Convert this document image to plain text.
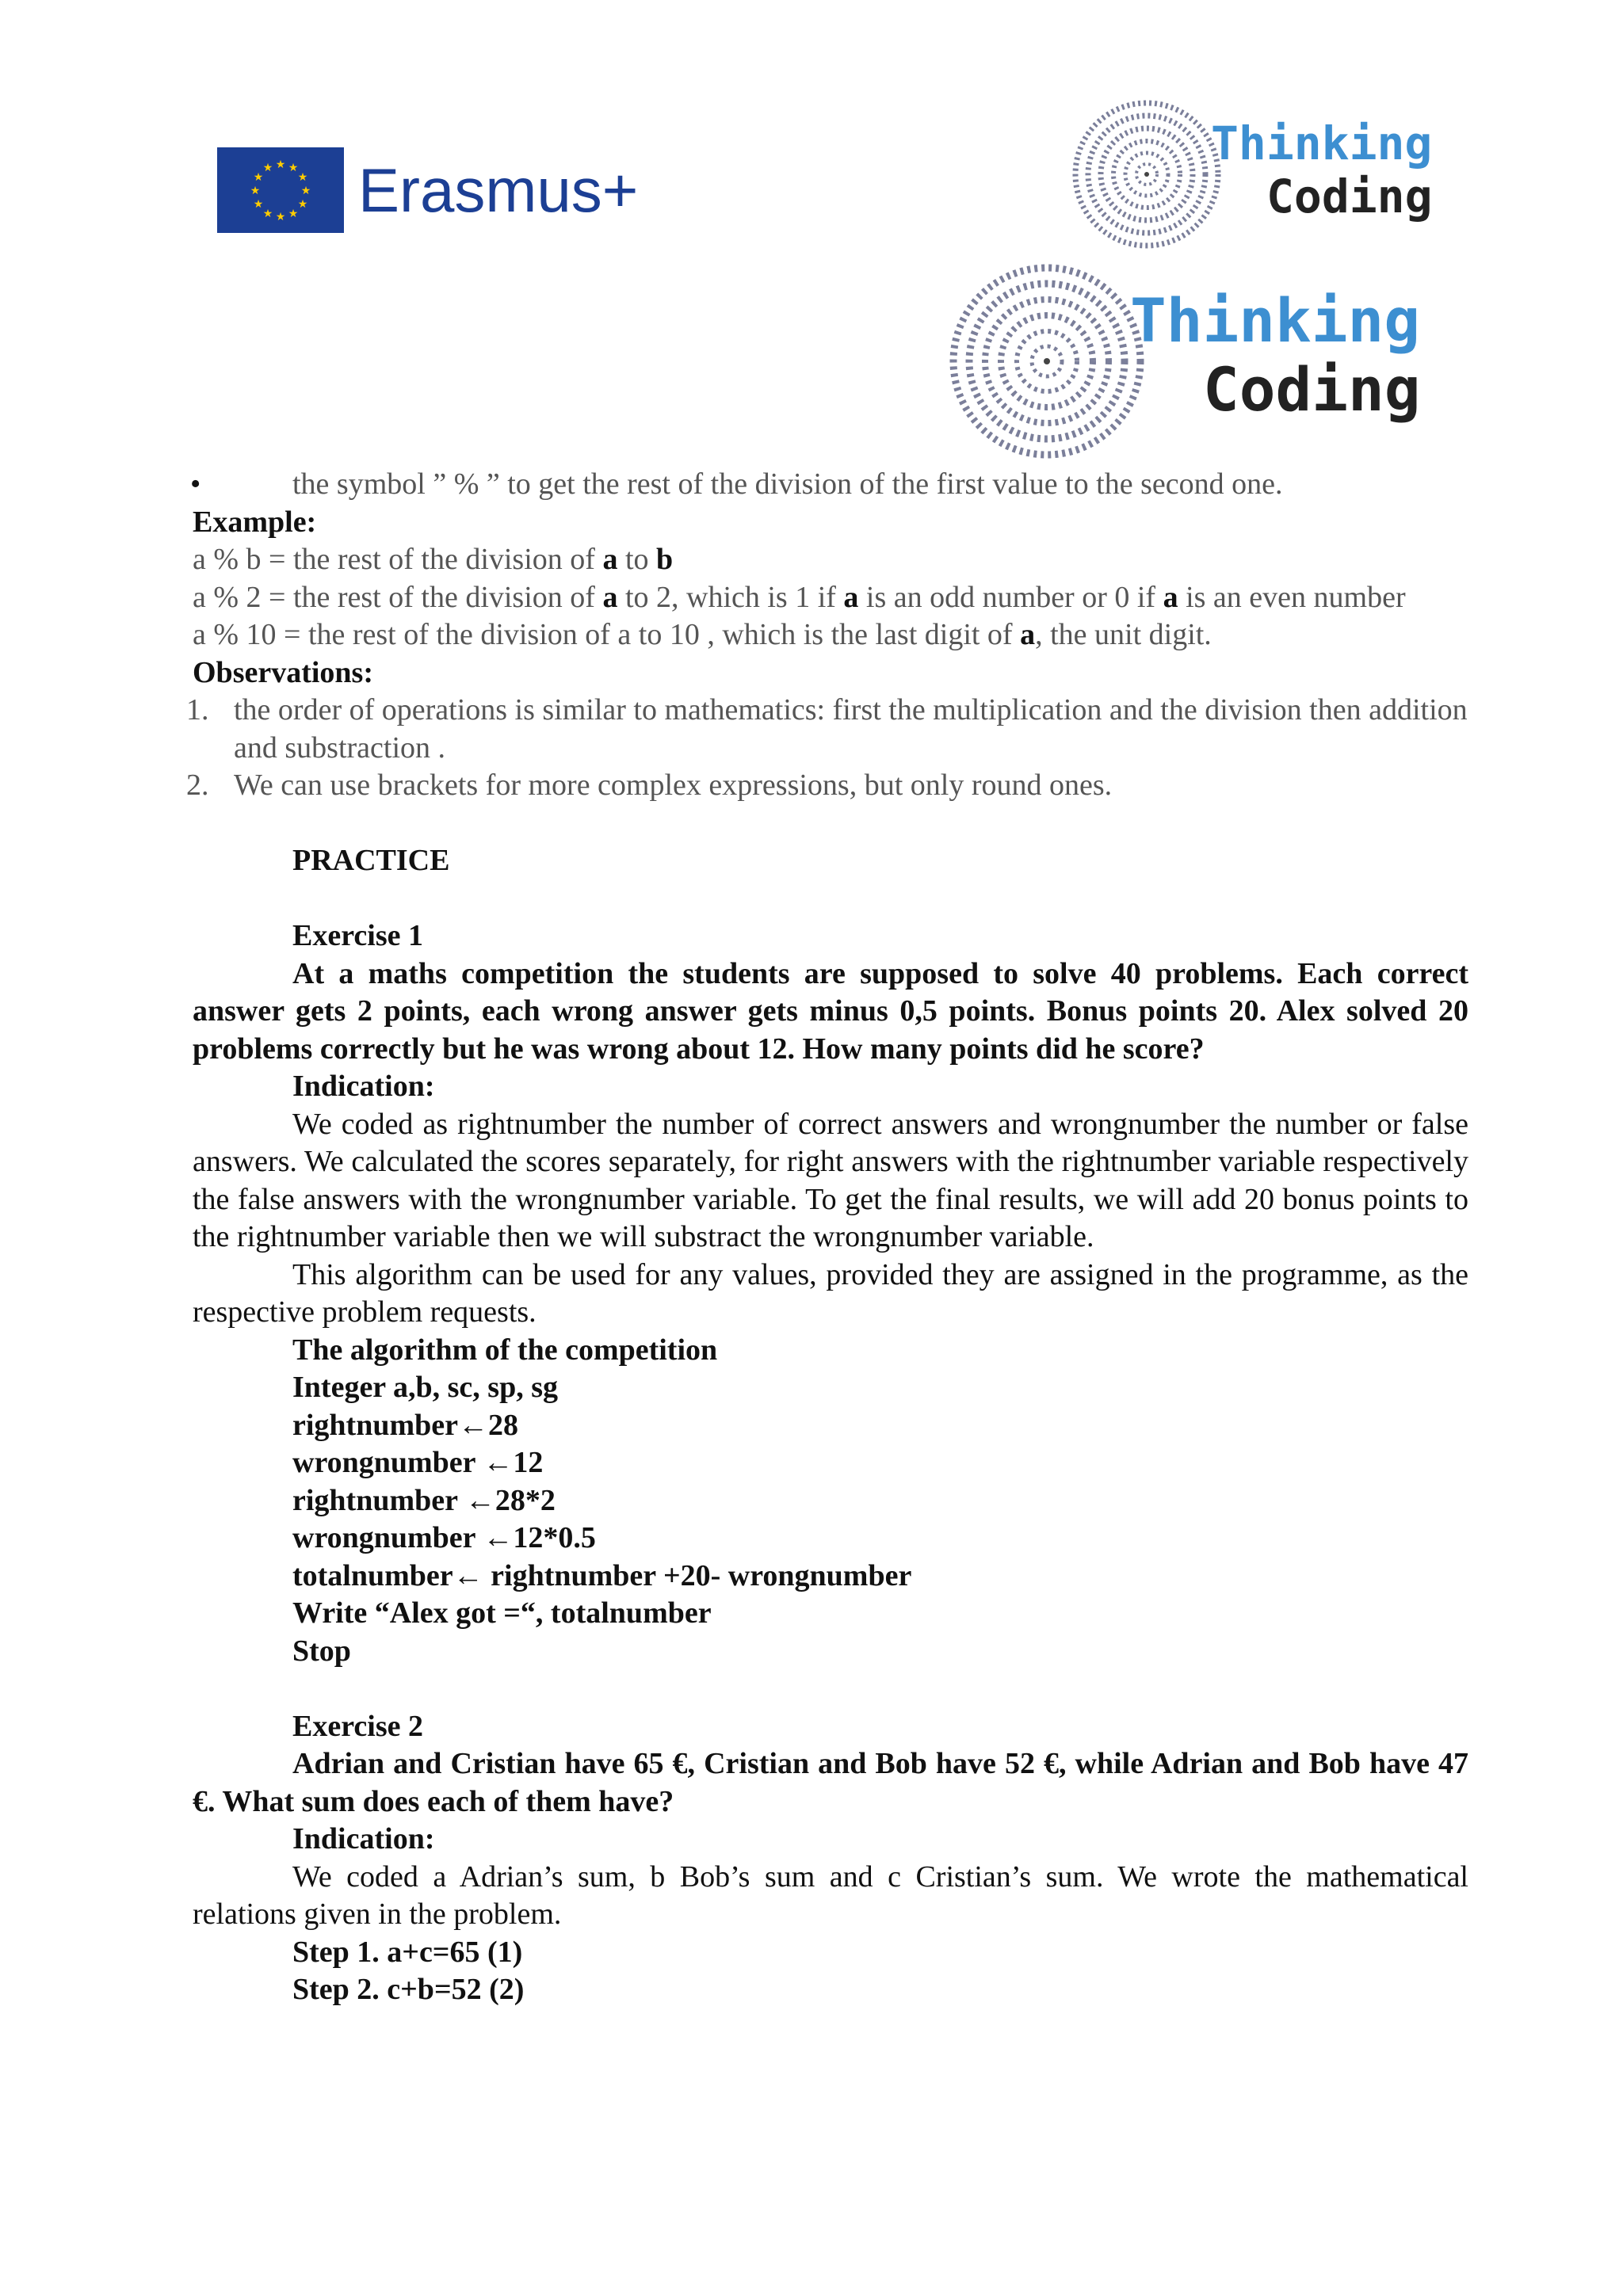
★ ★
★
★
★
★
★
★
★
★
★
★ Erasmus+
Thinking
Coding
Thinking
Coding

•	the symbol ” % ” to get the rest of the division of the first value to the second one.

Example:

a % b = the rest of the division of a to b

a % 2 = the rest of the division of a to 2, which is 1 if a is an odd number or 0 if a is an even number

a % 10 = the rest of the division of a to 10 , which is the last digit of a, the unit digit.

Observations:

1. the order of operations is similar to mathematics: first the multiplication and the division then addition and substraction .

2. We can use brackets for more complex expressions, but only round ones.

PRACTICE

Exercise 1

At a maths competition the students are supposed to solve 40 problems. Each correct answer gets 2 points, each wrong answer gets minus 0,5 points. Bonus points 20. Alex solved 20 problems correctly but he was wrong about 12. How many points did he score?

Indication:

We coded as rightnumber the number of correct answers and wrongnumber the number or false answers. We calculated the scores separately, for right answers with the rightnumber variable respectively the false answers with the wrongnumber variable. To get the final results, we will add 20 bonus points to the rightnumber variable then we will substract the wrongnumber variable.

This algorithm can be used for any values, provided they are assigned in the programme, as the respective problem requests.

The algorithm of the competition

Integer a,b, sc, sp, sg

rightnumber←28

wrongnumber ←12

rightnumber ←28*2

wrongnumber ←12*0.5

totalnumber← rightnumber +20- wrongnumber

Write “Alex got =“, totalnumber

Stop

Exercise 2

Adrian and Cristian have 65 €, Cristian and Bob have 52 €, while Adrian and Bob have 47 €. What sum does each of them have?

Indication:

We coded a Adrian’s sum, b Bob’s sum and c Cristian’s sum. We wrote the mathematical relations given in the problem.

Step 1. a+c=65 (1)

Step 2. c+b=52 (2)
